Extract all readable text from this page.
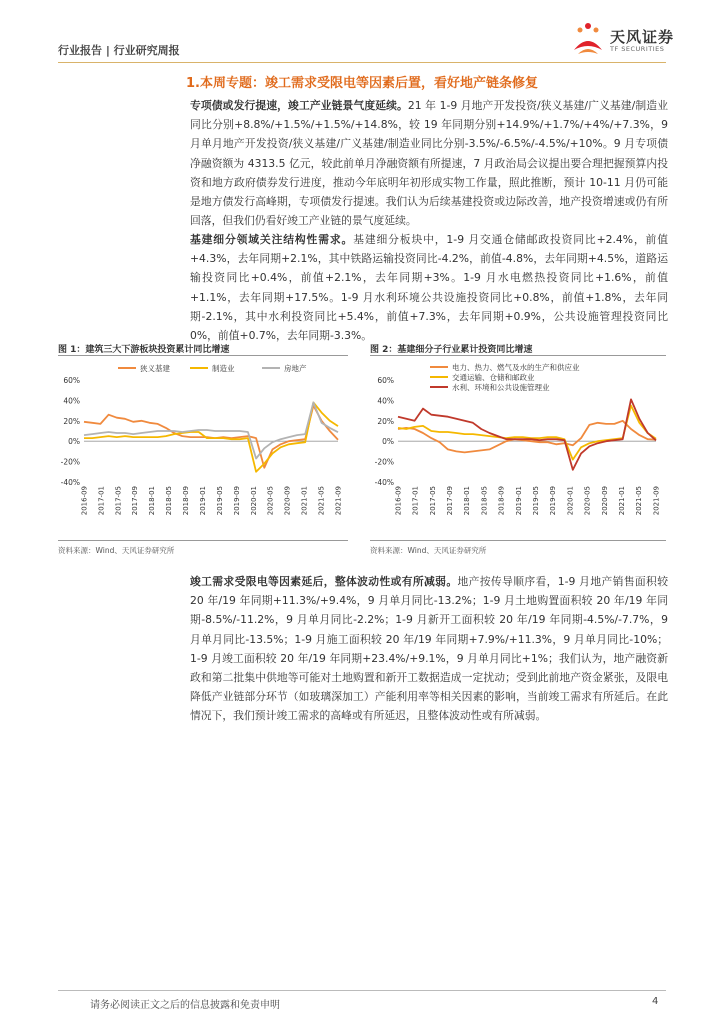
行业报告 | 行业研究周报
天风证券
TF SECURITIES
1.本周专题：竣工需求受限电等因素后置，看好地产链条修复
专项债或发行提速，竣工产业链景气度延续。21 年 1-9 月地产开发投资/狭义基建/广义基建/制造业同比分别+8.8%/+1.5%/+1.5%/+14.8%，较 19 年同期分别+14.9%/+1.7%/+4%/+7.3%，9 月单月地产开发投资/狭义基建/广义基建/制造业同比分别-3.5%/-6.5%/-4.5%/+10%。9 月专项债净融资额为 4313.5 亿元，较此前单月净融资额有所提速，7 月政治局会议提出要合理把握预算内投资和地方政府债券发行进度，推动今年底明年初形成实物工作量，照此推断，预计 10-11 月仍可能是地方债发行高峰期，专项债发行提速。我们认为后续基建投资或边际改善，地产投资增速或仍有所回落，但我们仍看好竣工产业链的景气度延续。
基建细分领域关注结构性需求。基建细分板块中，1-9 月交通仓储邮政投资同比+2.4%，前值+4.3%，去年同期+2.1%，其中铁路运输投资同比-4.2%，前值-4.8%，去年同期+4.5%，道路运输投资同比+0.4%，前值+2.1%，去年同期+3%。1-9 月水电燃热投资同比+1.6%，前值+1.1%，去年同期+17.5%。1-9 月水利环境公共设施投资同比+0.8%，前值+1.8%，去年同期-2.1%，其中水利投资同比+5.4%，前值+7.3%，去年同期+0.9%，公共设施管理投资同比 0%，前值+0.7%，去年同期-3.3%。
图 1：建筑三大下游板块投资累计同比增速
60%
40%
20%
0%
-20%
-40%
2016-09 2017-01 2017-05 2017-09 2018-01 2018-05 2018-09 2019-01 2019-05 2019-09 2020-01 2020-05 2020-09 2021-01 2021-05 2021-09
狭义基建	制造业	房地产
资料来源：Wind、天风证券研究所
图 2：基建细分子行业累计投资同比增速
60%
40%
20%
0%
-20%
-40%
2016-09 2017-01 2017-05 2017-09 2018-01 2018-05 2018-09 2019-01 2019-05 2019-09 2020-01 2020-05 2020-09 2021-01 2021-05 2021-09
电力、热力、燃气及水的生产和供应业
交通运输、仓储和邮政业
水利、环境和公共设施管理业
资料来源：Wind、天风证券研究所
竣工需求受限电等因素延后，整体波动性或有所减弱。地产按传导顺序看，1-9 月地产销售面积较 20 年/19 年同期+11.3%/+9.4%，9 月单月同比-13.2%；1-9 月土地购置面积较 20 年/19 年同期-8.5%/-11.2%，9 月单月同比-2.2%；1-9 月新开工面积较 20 年/19 年同期-4.5%/-7.7%，9 月单月同比-13.5%；1-9 月施工面积较 20 年/19 年同期+7.9%/+11.3%，9 月单月同比-10%；1-9 月竣工面积较 20 年/19 年同期+23.4%/+9.1%，9 月单月同比+1%；我们认为，地产融资新政和第二批集中供地等可能对土地购置和新开工数据造成一定扰动；受到此前地产资金紧张，及限电降低产业链部分环节（如玻璃深加工）产能利用率等相关因素的影响，当前竣工需求有所延后。在此情况下，我们预计竣工需求的高峰或有所延迟，且整体波动性或有所减弱。
请务必阅读正文之后的信息披露和免责申明	4
